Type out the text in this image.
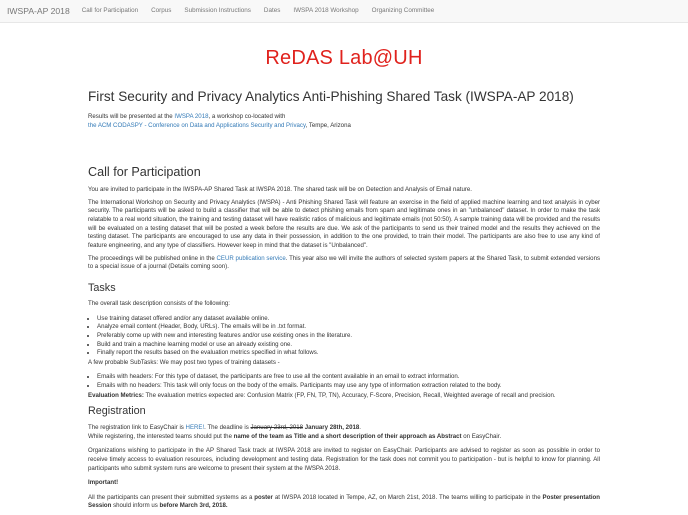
IWSPA-AP 2018 Call for Participation Corpus Submission Instructions Dates IWSPA 2018 Workshop Organizing Committee
ReDAS Lab@UH
First Security and Privacy Analytics Anti-Phishing Shared Task (IWSPA-AP 2018)
Results will be presented at the IWSPA 2018, a workshop co-located with
the ACM CODASPY - Conference on Data and Applications Security and Privacy, Tempe, Arizona
Call for Participation

You are invited to participate in the IWSPA-AP Shared Task at IWSPA 2018. The shared task will be on Detection and Analysis of Email nature.

The International Workshop on Security and Privacy Analytics (IWSPA) - Anti Phishing Shared Task will feature an exercise in the field of applied machine learning and text analysis in cyber security. The participants will be asked to build a classifier that will be able to detect phishing emails from spam and legitimate ones in an "unbalanced" dataset. In order to make the task relatable to a real world situation, the training and testing dataset will have realistic ratios of malicious and legitimate emails (not 50:50). A sample training data will be provided and the results will be evaluated on a testing dataset that will be posted a week before the results are due. We ask of the participants to send us their trained model and the results they achieved on the testing dataset. The participants are encouraged to use any data in their possession, in addition to the one provided, to train their model. The participants are also free to use any kind of feature engineering, and any type of classifiers. However keep in mind that the dataset is "Unbalanced".

The proceedings will be published online in the CEUR publication service. This year also we will invite the authors of selected system papers at the Shared Task, to submit extended versions to a special issue of a journal (Details coming soon).

Tasks

The overall task description consists of the following:

• Use training dataset offered and/or any dataset available online.
• Analyze email content (Header, Body, URLs). The emails will be in .txt format.
• Preferably come up with new and interesting features and/or use existing ones in the literature.
• Build and train a machine learning model or use an already existing one.
• Finally report the results based on the evaluation metrics specified in what follows.

A few probable SubTasks: We may post two types of training datasets -

• Emails with headers: For this type of dataset, the participants are free to use all the content available in an email to extract information.
• Emails with no headers: This task will only focus on the body of the emails. Participants may use any type of information extraction related to the body.

Evaluation Metrics: The evaluation metrics expected are: Confusion Matrix (FP, FN, TP, TN), Accuracy, F-Score, Precision, Recall, Weighted average of recall and precision.

Registration

The registration link to EasyChair is HERE!. The deadline is January 23rd, 2018 January 28th, 2018.

While registering, the interested teams should put the name of the team as Title and a short description of their approach as Abstract on EasyChair.

Organizations wishing to participate in the AP Shared Task track at IWSPA 2018 are invited to register on EasyChair. Participants are advised to register as soon as possible in order to receive timely access to evaluation resources, including development and testing data. Registration for the task does not commit you to participation - but is helpful to know for planning. All participants who submit system runs are welcome to present their system at the IWSPA 2018.

Important!

All the participants can present their submitted systems as a poster at IWSPA 2018 located in Tempe, AZ, on March 21st, 2018. The teams willing to participate in the Poster presentation Session should inform us before March 3rd, 2018.
